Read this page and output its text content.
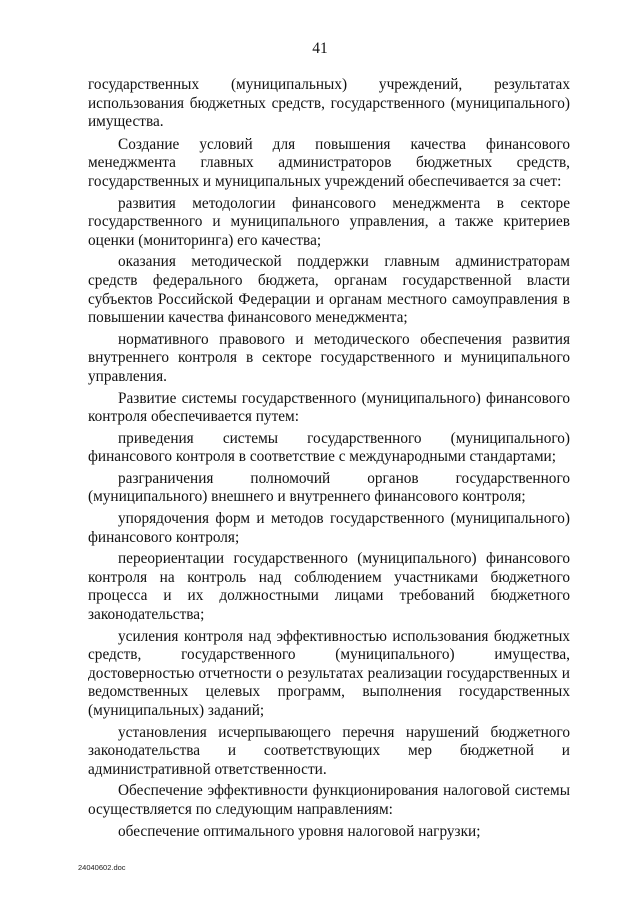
41

государственных (муниципальных) учреждений, результатах использования бюджетных средств, государственного (муниципального) имущества.

Создание условий для повышения качества финансового менеджмента главных администраторов бюджетных средств, государственных и муниципальных учреждений обеспечивается за счет:

развития методологии финансового менеджмента в секторе государственного и муниципального управления, а также критериев оценки (мониторинга) его качества;

оказания методической поддержки главным администраторам средств федерального бюджета, органам государственной власти субъектов Российской Федерации и органам местного самоуправления в повышении качества финансового менеджмента;

нормативного правового и методического обеспечения развития внутреннего контроля в секторе государственного и муниципального управления.

Развитие системы государственного (муниципального) финансового контроля обеспечивается путем:

приведения системы государственного (муниципального) финансового контроля в соответствие с международными стандартами;

разграничения полномочий органов государственного (муниципального) внешнего и внутреннего финансового контроля;

упорядочения форм и методов государственного (муниципального) финансового контроля;

переориентации государственного (муниципального) финансового контроля на контроль над соблюдением участниками бюджетного процесса и их должностными лицами требований бюджетного законодательства;

усиления контроля над эффективностью использования бюджетных средств, государственного (муниципального) имущества, достоверностью отчетности о результатах реализации государственных и ведомственных целевых программ, выполнения государственных (муниципальных) заданий;

установления исчерпывающего перечня нарушений бюджетного законодательства и соответствующих мер бюджетной и административной ответственности.

Обеспечение эффективности функционирования налоговой системы осуществляется по следующим направлениям:

обеспечение оптимального уровня налоговой нагрузки;

24040602.doc
